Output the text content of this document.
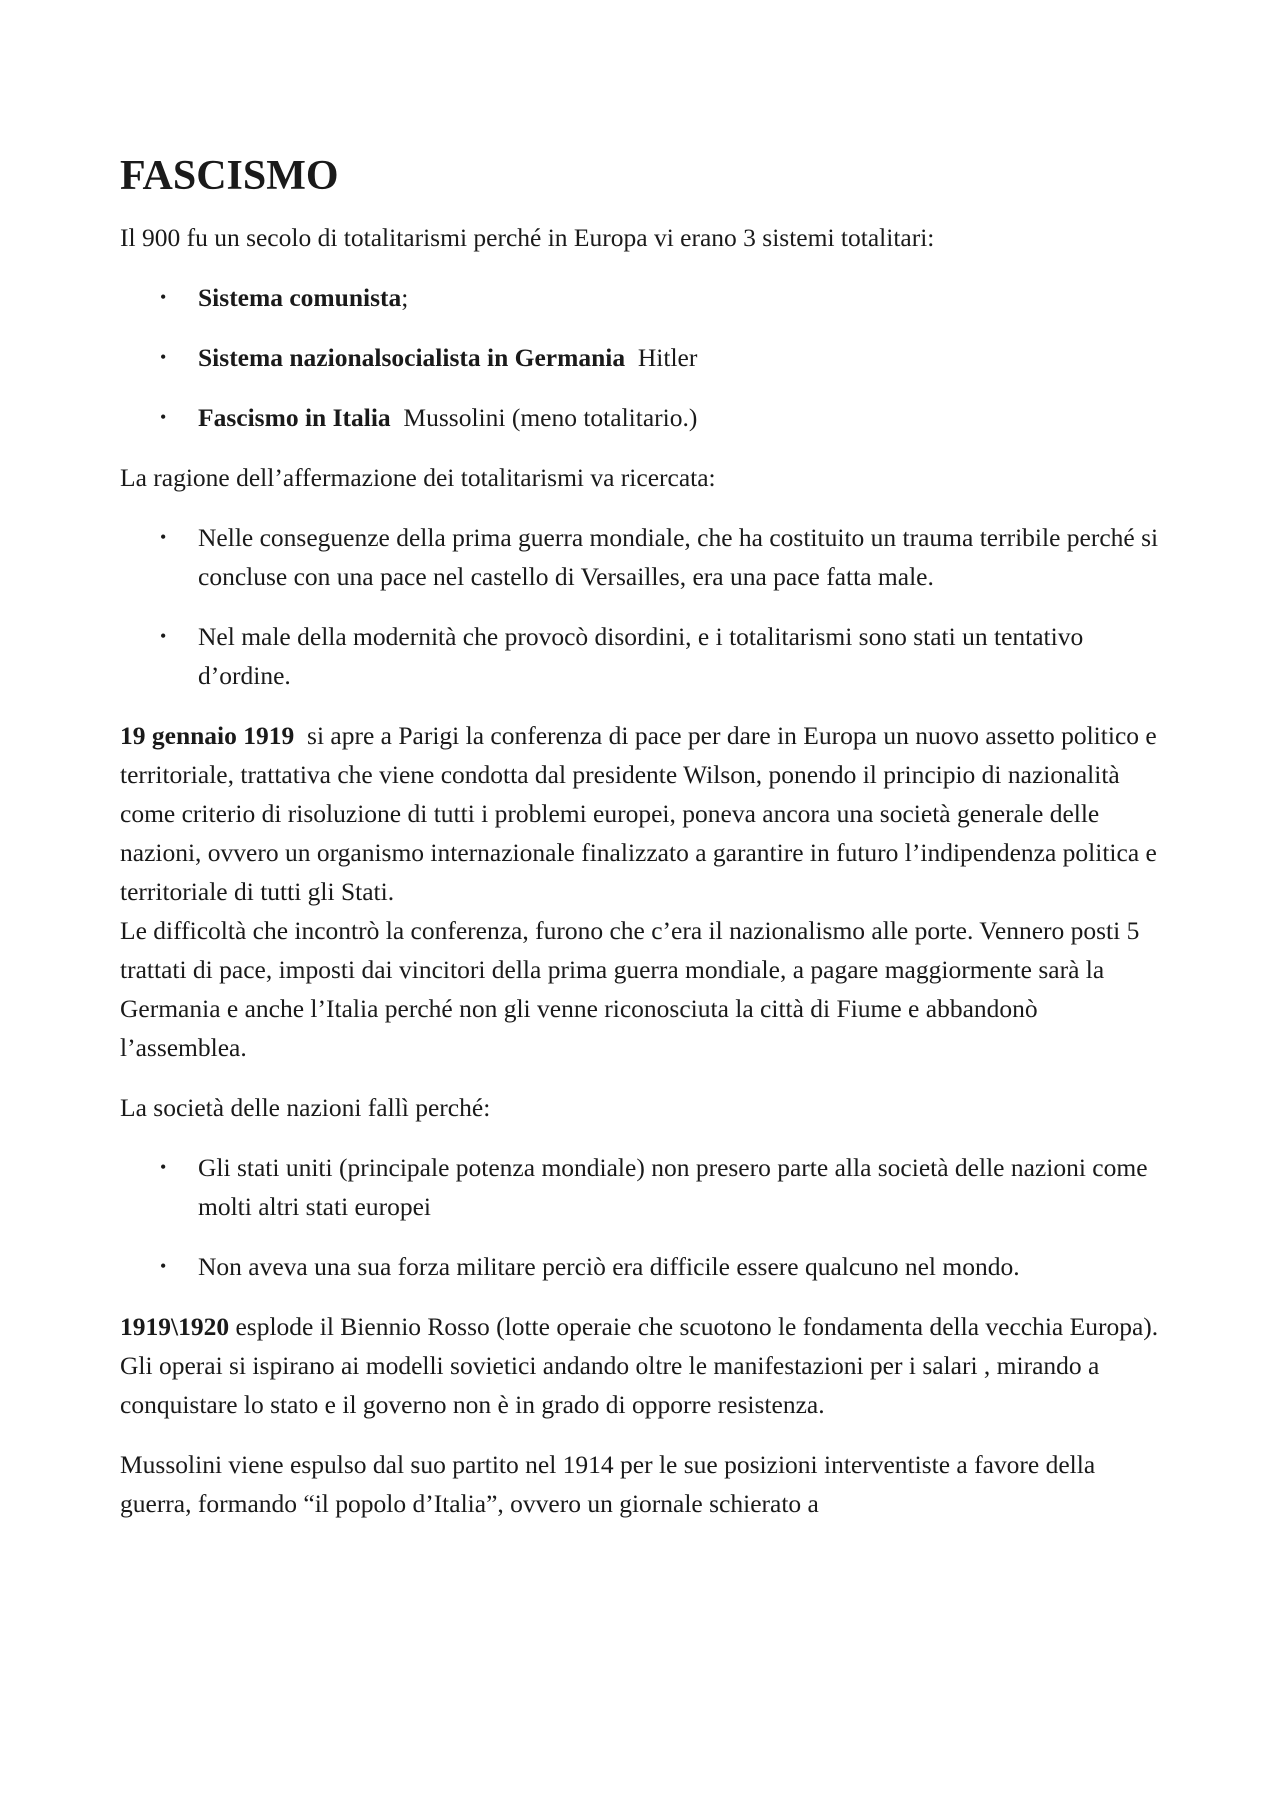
FASCISMO

Il 900 fu un secolo di totalitarismi perché in Europa vi erano 3 sistemi totalitari:

• Sistema comunista;
• Sistema nazionalsocialista in Germania  Hitler
• Fascismo in Italia  Mussolini (meno totalitario.)

La ragione dell’affermazione dei totalitarismi va ricercata:

• Nelle conseguenze della prima guerra mondiale, che ha costituito un trauma terribile perché si concluse con una pace nel castello di Versailles, era una pace fatta male.
• Nel male della modernità che provocò disordini, e i totalitarismi sono stati un tentativo d’ordine.

19 gennaio 1919  si apre a Parigi la conferenza di pace per dare in Europa un nuovo assetto politico e territoriale, trattativa che viene condotta dal presidente Wilson, ponendo il principio di nazionalità come criterio di risoluzione di tutti i problemi europei, poneva ancora una società generale delle nazioni, ovvero un organismo internazionale finalizzato a garantire in futuro l’indipendenza politica e territoriale di tutti gli Stati.

Le difficoltà che incontrò la conferenza, furono che c’era il nazionalismo alle porte. Vennero posti 5 trattati di pace, imposti dai vincitori della prima guerra mondiale, a pagare maggiormente sarà la Germania e anche l’Italia perché non gli venne riconosciuta la città di Fiume e abbandonò l’assemblea.

La società delle nazioni fallì perché:

• Gli stati uniti (principale potenza mondiale) non presero parte alla società delle nazioni come molti altri stati europei
• Non aveva una sua forza militare perciò era difficile essere qualcuno nel mondo.

1919\1920 esplode il Biennio Rosso (lotte operaie che scuotono le fondamenta della vecchia Europa).  Gli operai si ispirano ai modelli sovietici andando oltre le manifestazioni per i salari , mirando a conquistare lo stato e il governo non è in grado di opporre resistenza.

Mussolini viene espulso dal suo partito nel 1914 per le sue posizioni interventiste a favore della guerra, formando “il popolo d’Italia”, ovvero un giornale schierato a
